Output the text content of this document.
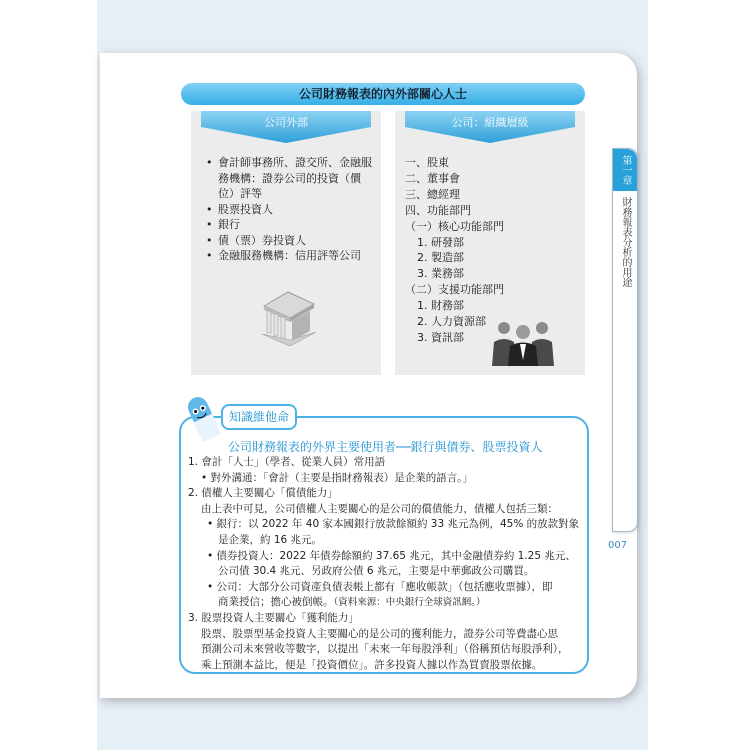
第一章
財務報表分析的用途
007
公司財務報表的內外部關心人士
公司外部
• 會計師事務所、證交所、金融服務機構：證券公司的投資（價位）評等
• 股票投資人
• 銀行
• 債（票）券投資人
• 金融服務機構：信用評等公司
公司：組織層級
一、股東
二、董事會
三、總經理
四、功能部門
（一）核心功能部門
1. 研發部
2. 製造部
3. 業務部
（二）支援功能部門
1. 財務部
2. 人力資源部
3. 資訊部
知識維他命
公司財務報表的外界主要使用者──銀行與債券、股票投資人

1. 會計「人士」（學者、從業人員）常用語

• 對外溝通：「會計（主要是指財務報表）是企業的語言。」

2. 債權人主要關心「償債能力」

由上表中可見，公司債權人主要關心的是公司的償債能力，債權人包括三類：

• 銀行：以 2022 年 40 家本國銀行放款餘額約 33 兆元為例，45% 的放款對象

是企業，約 16 兆元。

• 債券投資人：2022 年債券餘額約 37.65 兆元，其中金融債券約 1.25 兆元、

公司債 30.4 兆元、另政府公債 6 兆元，主要是中華郵政公司購買。

• 公司：大部分公司資產負債表帳上都有「應收帳款」（包括應收票據），即

商業授信；擔心被倒帳。（資料來源：中央銀行全球資訊網。）

3. 股票投資人主要關心「獲利能力」

股票、股票型基金投資人主要關心的是公司的獲利能力，證券公司等費盡心思

預測公司未來營收等數字，以提出「未來一年每股淨利」（俗稱預估每股淨利），

乘上預測本益比，便是「投資價位」。許多投資人據以作為買賣股票依據。
